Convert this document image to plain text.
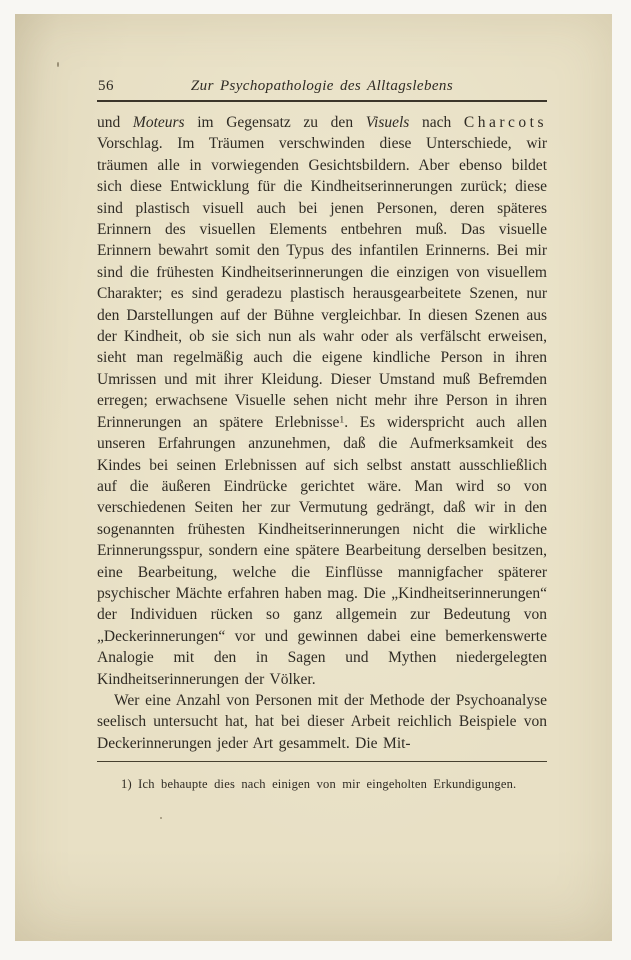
56	Zur Psychopathologie des Alltagslebens

und Moteurs im Gegensatz zu den Visuels nach Charcots Vorschlag. Im Träumen verschwinden diese Unterschiede, wir träumen alle in vorwiegenden Gesichtsbildern. Aber ebenso bildet sich diese Entwicklung für die Kindheitserinnerungen zurück; diese sind plastisch visuell auch bei jenen Personen, deren späteres Erinnern des visuellen Elements entbehren muß. Das visuelle Erinnern bewahrt somit den Typus des infantilen Erinnerns. Bei mir sind die frühesten Kindheitserinnerungen die einzigen von visuellem Charakter; es sind geradezu plastisch herausgearbeitete Szenen, nur den Darstellungen auf der Bühne vergleichbar. In diesen Szenen aus der Kindheit, ob sie sich nun als wahr oder als verfälscht erweisen, sieht man regelmäßig auch die eigene kindliche Person in ihren Umrissen und mit ihrer Kleidung. Dieser Umstand muß Befremden erregen; erwachsene Visuelle sehen nicht mehr ihre Person in ihren Erinnerungen an spätere Erlebnisse$^1$. Es widerspricht auch allen unseren Erfahrungen anzunehmen, daß die Aufmerksamkeit des Kindes bei seinen Erlebnissen auf sich selbst anstatt ausschließlich auf die äußeren Eindrücke gerichtet wäre. Man wird so von verschiedenen Seiten her zur Vermutung gedrängt, daß wir in den sogenannten frühesten Kindheitserinnerungen nicht die wirkliche Erinnerungsspur, sondern eine spätere Bearbeitung derselben besitzen, eine Bearbeitung, welche die Einflüsse mannigfacher späterer psychischer Mächte erfahren haben mag. Die „Kindheitserinnerungen“ der Individuen rücken so ganz allgemein zur Bedeutung von „Deckerinnerungen“ vor und gewinnen dabei eine bemerkenswerte Analogie mit den in Sagen und Mythen niedergelegten Kindheitserinnerungen der Völker.

Wer eine Anzahl von Personen mit der Methode der Psychoanalyse seelisch untersucht hat, hat bei dieser Arbeit reichlich Beispiele von Deckerinnerungen jeder Art gesammelt. Die Mit-

1) Ich behaupte dies nach einigen von mir eingeholten Erkundigungen.
